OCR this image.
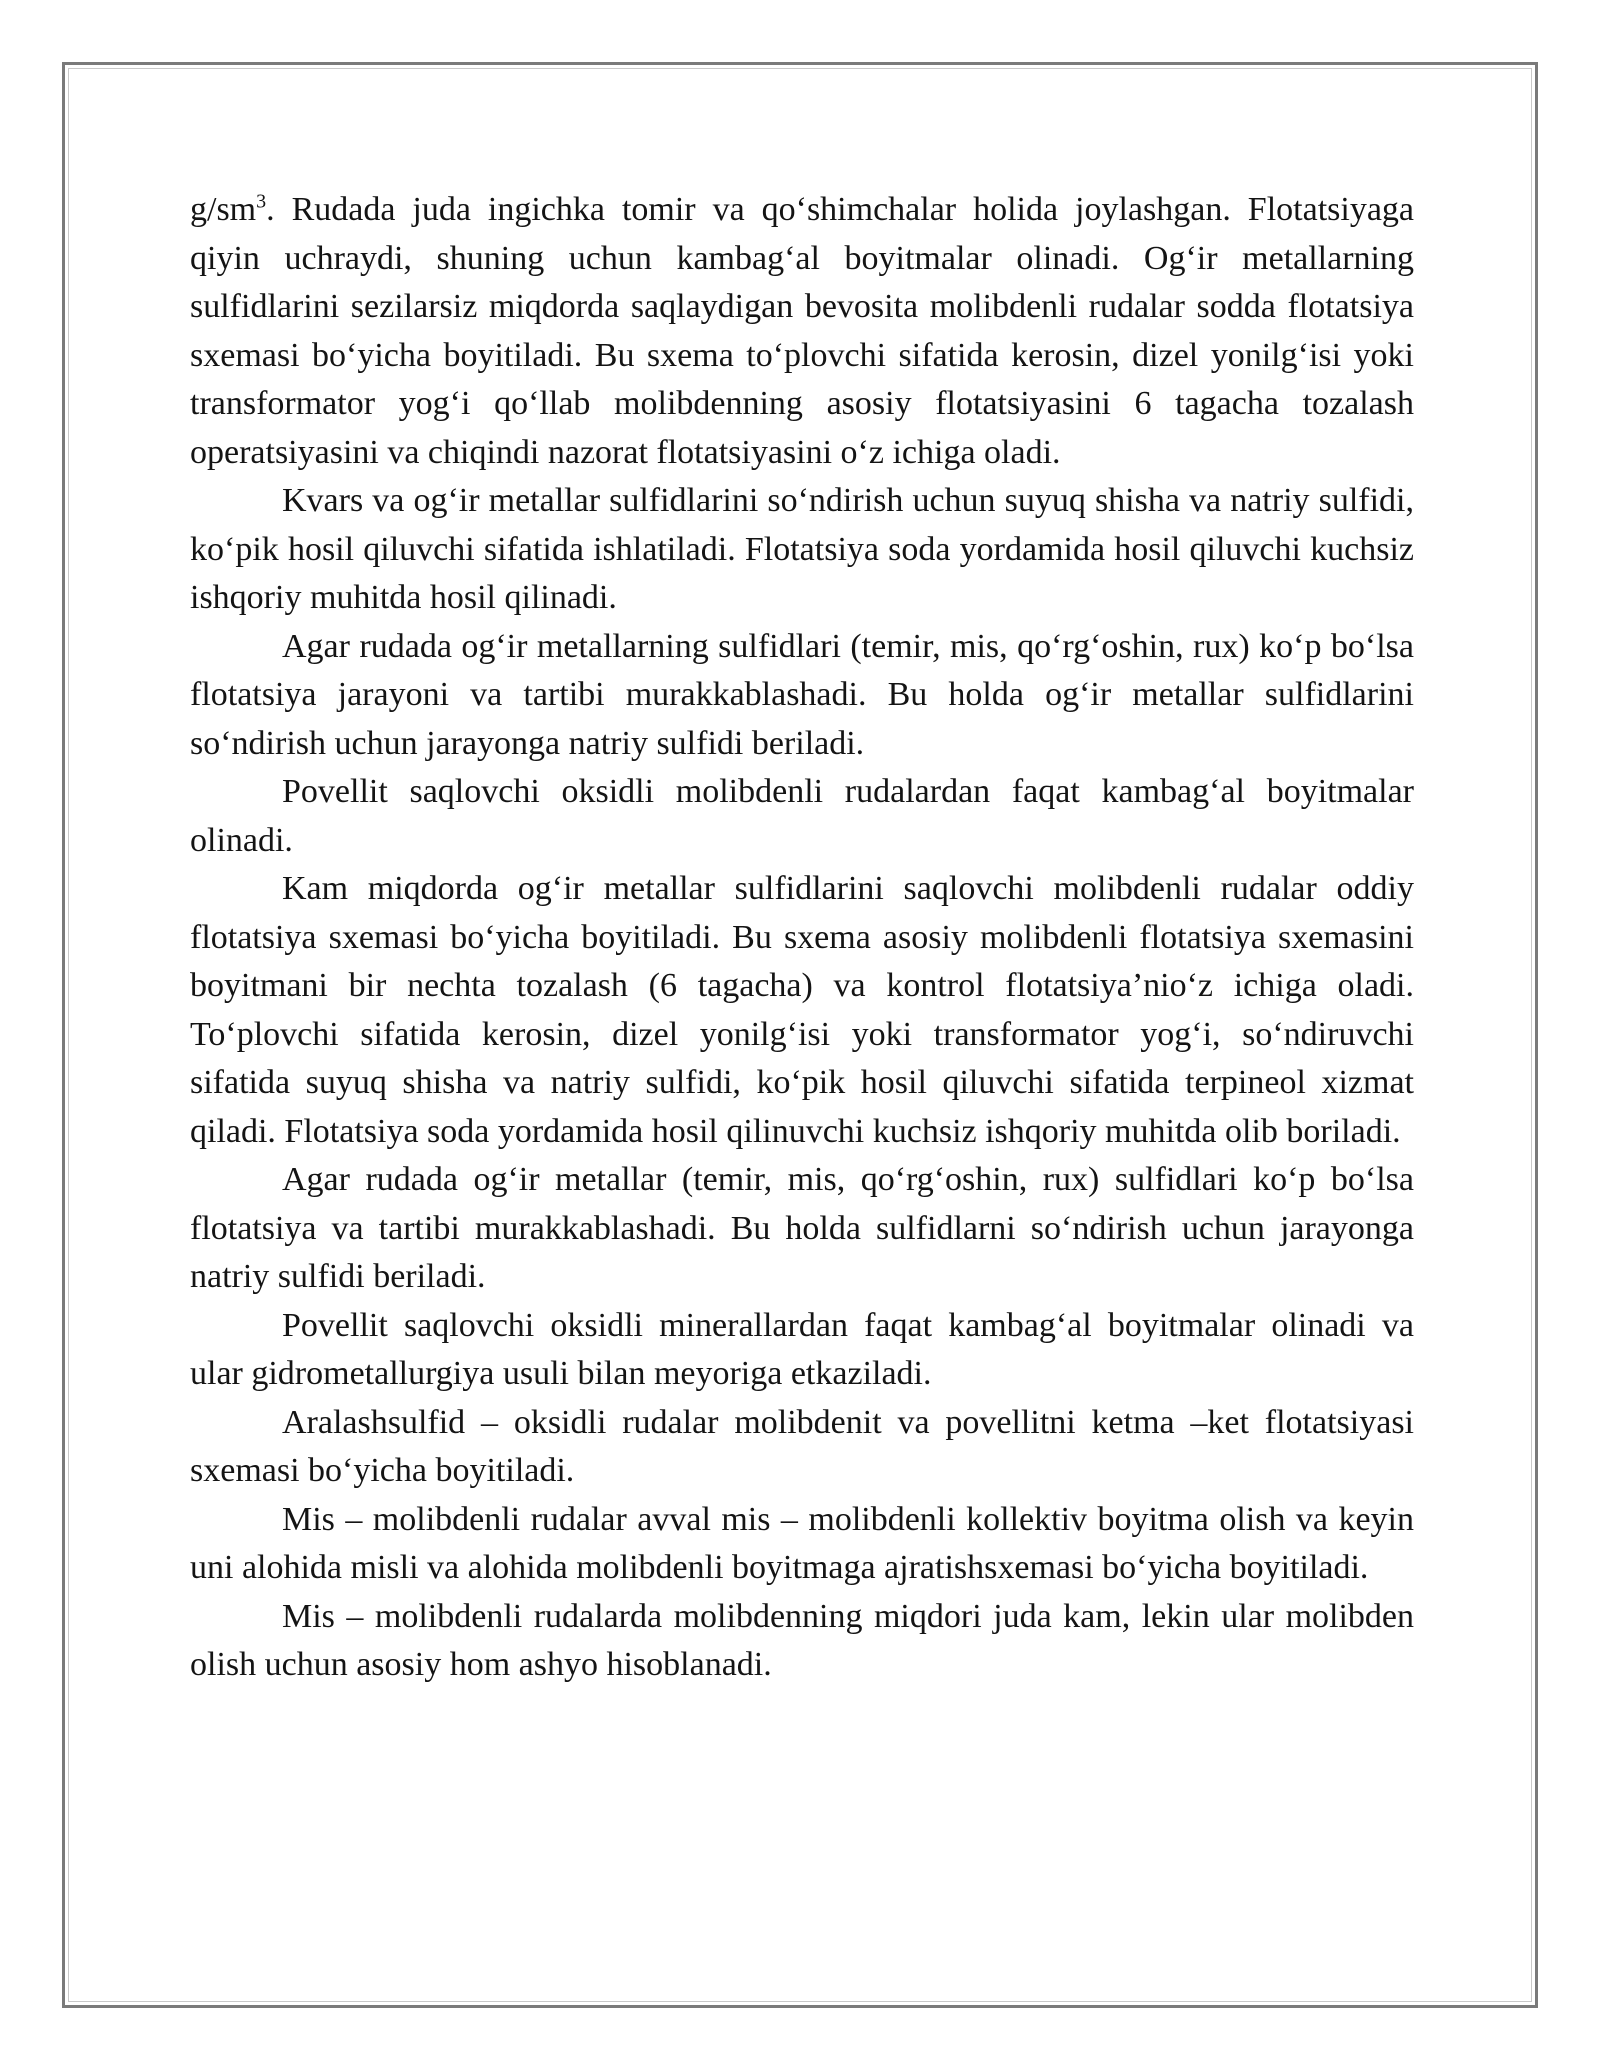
$g/sm^3$. Rudada juda ingichka tomir va qo‘shimchalar holida joylashgan. Flotatsiyaga qiyin uchraydi, shuning uchun kambag‘al boyitmalar olinadi. Og‘ir metallarning sulfidlarini sezilarsiz miqdorda saqlaydigan bevosita molibdenli rudalar sodda flotatsiya sxemasi bo‘yicha boyitiladi. Bu sxema to‘plovchi sifatida kerosin, dizel yonilg‘isi yoki transformator yog‘i qo‘llab molibdenning asosiy flotatsiyasini 6 tagacha tozalash operatsiyasini va chiqindi nazorat flotatsiyasini o‘z ichiga oladi.

Kvars va og‘ir metallar sulfidlarini so‘ndirish uchun suyuq shisha va natriy sulfidi, ko‘pik hosil qiluvchi sifatida ishlatiladi. Flotatsiya soda yordamida hosil qiluvchi kuchsiz ishqoriy muhitda hosil qilinadi.

Agar rudada og‘ir metallarning sulfidlari (temir, mis, qo‘rg‘oshin, rux) ko‘p bo‘lsa flotatsiya jarayoni va tartibi murakkablashadi. Bu holda og‘ir metallar sulfidlarini so‘ndirish uchun jarayonga natriy sulfidi beriladi.

Povellit saqlovchi oksidli molibdenli rudalardan faqat kambag‘al boyitmalar olinadi.

Kam miqdorda og‘ir metallar sulfidlarini saqlovchi molibdenli rudalar oddiy flotatsiya sxemasi bo‘yicha boyitiladi. Bu sxema asosiy molibdenli flotatsiya sxemasini boyitmani bir nechta tozalash (6 tagacha) va kontrol flotatsiya’nio‘z ichiga oladi. To‘plovchi sifatida kerosin, dizel yonilg‘isi yoki transformator yog‘i, so‘ndiruvchi sifatida suyuq shisha va natriy sulfidi, ko‘pik hosil qiluvchi sifatida terpineol xizmat qiladi. Flotatsiya soda yordamida hosil qilinuvchi kuchsiz ishqoriy muhitda olib boriladi.

Agar rudada og‘ir metallar (temir, mis, qo‘rg‘oshin, rux) sulfidlari ko‘p bo‘lsa flotatsiya va tartibi murakkablashadi. Bu holda sulfidlarni so‘ndirish uchun jarayonga natriy sulfidi beriladi.

Povellit saqlovchi oksidli minerallardan faqat kambag‘al boyitmalar olinadi va ular gidrometallurgiya usuli bilan meyoriga etkaziladi.

Aralashsulfid – oksidli rudalar molibdenit va povellitni ketma –ket flotatsiyasi sxemasi bo‘yicha boyitiladi.

Mis – molibdenli rudalar avval mis – molibdenli kollektiv boyitma olish va keyin uni alohida misli va alohida molibdenli boyitmaga ajratishsxemasi bo‘yicha boyitiladi.

Mis – molibdenli rudalarda molibdenning miqdori juda kam, lekin ular molibden olish uchun asosiy hom ashyo hisoblanadi.
